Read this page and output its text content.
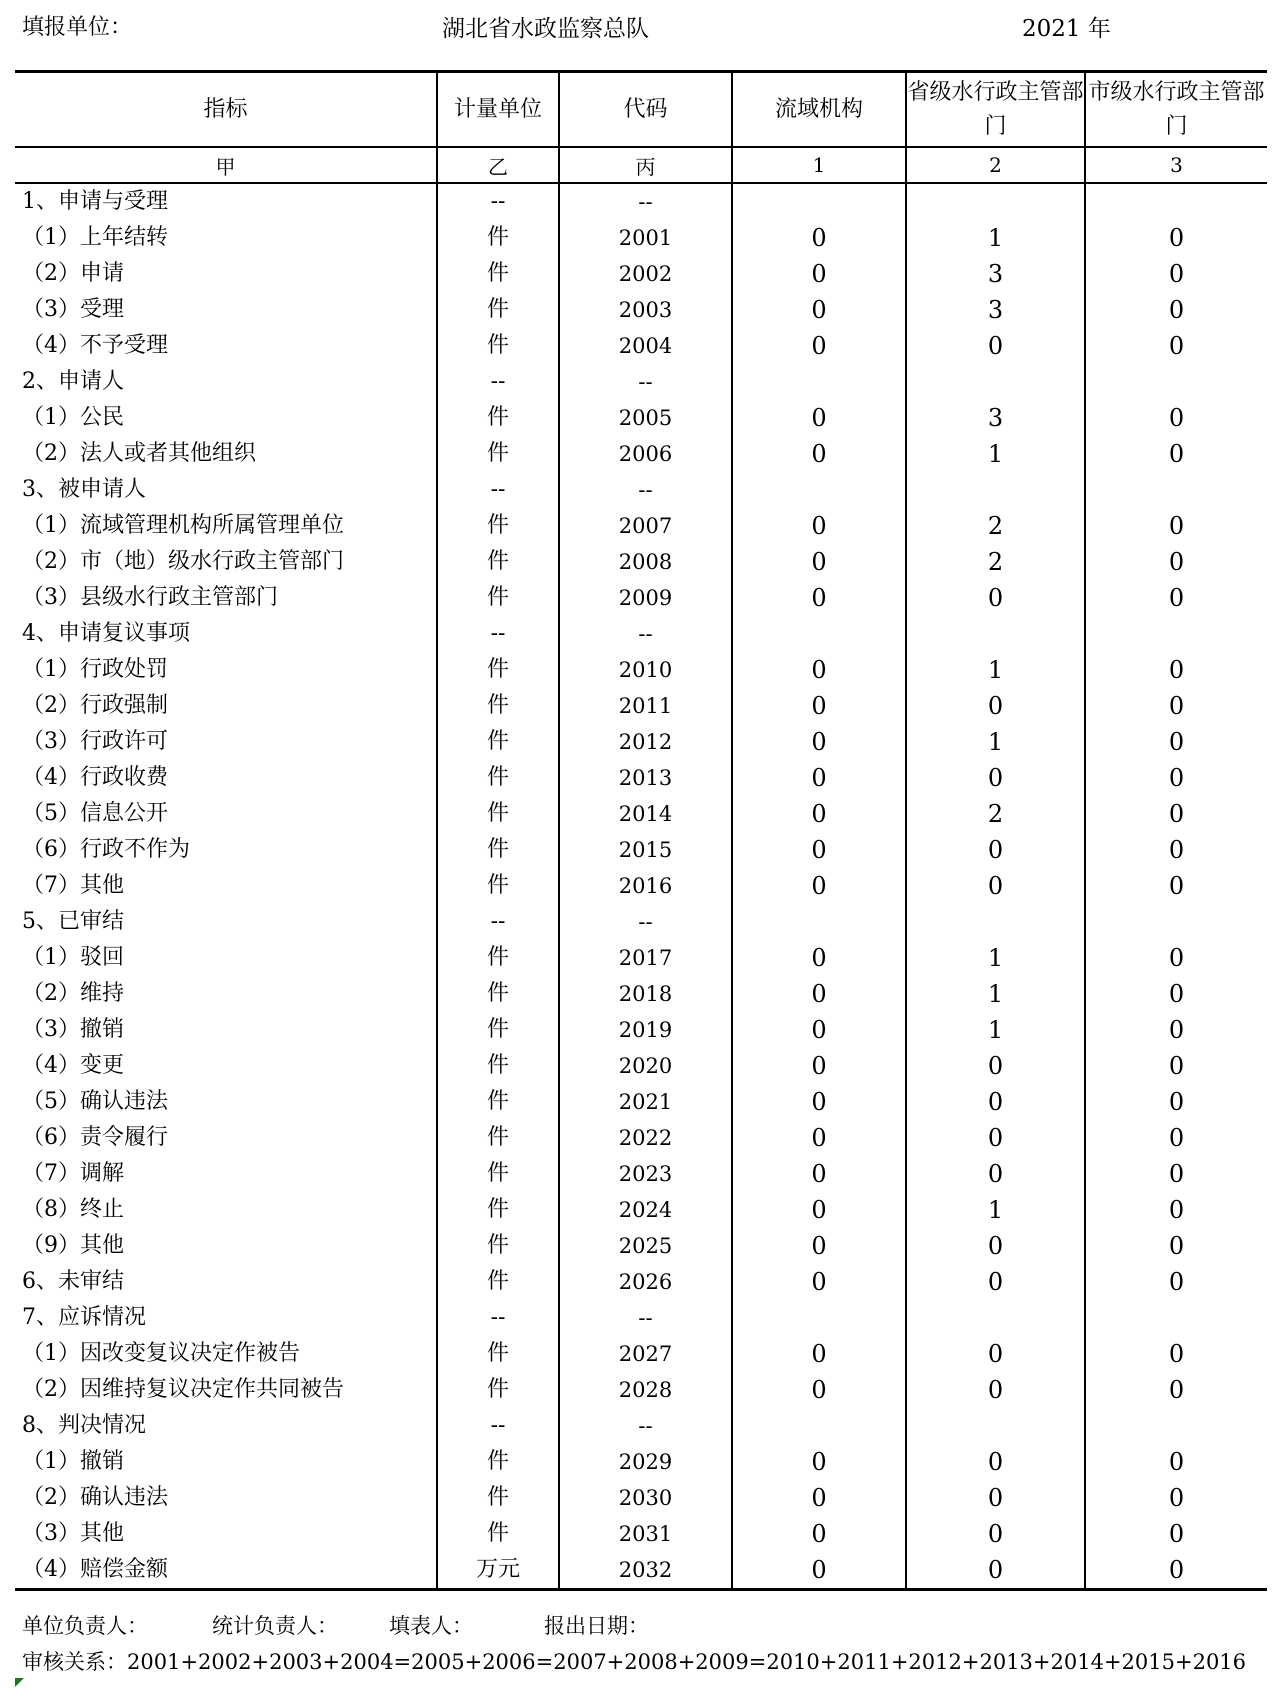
填报单位：	湖北省水政监察总队	2021 年
指标	计量单位	代码	流域机构	省级水行政主管部门	市级水行政主管部门
甲	乙	丙	1	2	3
1、申请与受理	--	--			
（1）上年结转	件	2001	0	1	0
（2）申请	件	2002	0	3	0
（3）受理	件	2003	0	3	0
（4）不予受理	件	2004	0	0	0
2、申请人	--	--			
（1）公民	件	2005	0	3	0
（2）法人或者其他组织	件	2006	0	1	0
3、被申请人	--	--			
（1）流域管理机构所属管理单位	件	2007	0	2	0
（2）市（地）级水行政主管部门	件	2008	0	2	0
（3）县级水行政主管部门	件	2009	0	0	0
4、申请复议事项	--	--			
（1）行政处罚	件	2010	0	1	0
（2）行政强制	件	2011	0	0	0
（3）行政许可	件	2012	0	1	0
（4）行政收费	件	2013	0	0	0
（5）信息公开	件	2014	0	2	0
（6）行政不作为	件	2015	0	0	0
（7）其他	件	2016	0	0	0
5、已审结	--	--			
（1）驳回	件	2017	0	1	0
（2）维持	件	2018	0	1	0
（3）撤销	件	2019	0	1	0
（4）变更	件	2020	0	0	0
（5）确认违法	件	2021	0	0	0
（6）责令履行	件	2022	0	0	0
（7）调解	件	2023	0	0	0
（8）终止	件	2024	0	1	0
（9）其他	件	2025	0	0	0
6、未审结	件	2026	0	0	0
7、应诉情况	--	--			
（1）因改变复议决定作被告	件	2027	0	0	0
（2）因维持复议决定作共同被告	件	2028	0	0	0
8、判决情况	--	--			
（1）撤销	件	2029	0	0	0
（2）确认违法	件	2030	0	0	0
（3）其他	件	2031	0	0	0
（4）赔偿金额	万元	2032	0	0	0
单位负责人：	统计负责人： 填表人：	报出日期：
审核关系：2001+2002+2003+2004=2005+2006=2007+2008+2009=2010+2011+2012+2013+2014+2015+2016
